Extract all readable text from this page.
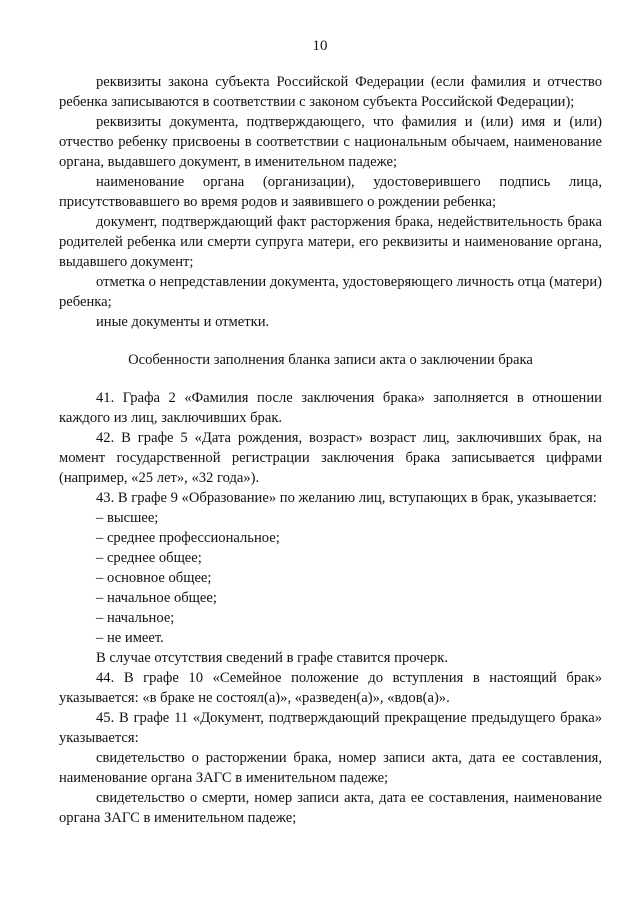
10

реквизиты закона субъекта Российской Федерации (если фамилия и отчество ребенка записываются в соответствии с законом субъекта Российской Федерации);

реквизиты документа, подтверждающего, что фамилия и (или) имя и (или) отчество ребенку присвоены в соответствии с национальным обычаем, наименование органа, выдавшего документ, в именительном падеже;

наименование органа (организации), удостоверившего подпись лица, присутствовавшего во время родов и заявившего о рождении ребенка;

документ, подтверждающий факт расторжения брака, недействительность брака родителей ребенка или смерти супруга матери, его реквизиты и наименование органа, выдавшего документ;

отметка о непредставлении документа, удостоверяющего личность отца (матери) ребенка;

иные документы и отметки.

Особенности заполнения бланка записи акта о заключении брака

41. Графа 2 «Фамилия после заключения брака» заполняется в отношении каждого из лиц, заключивших брак.

42. В графе 5 «Дата рождения, возраст» возраст лиц, заключивших брак, на момент государственной регистрации заключения брака записывается цифрами (например, «25 лет», «32 года»).

43. В графе 9 «Образование» по желанию лиц, вступающих в брак, указывается:

– высшее;

– среднее профессиональное;

– среднее общее;

– основное общее;

– начальное общее;

– начальное;

– не имеет.

В случае отсутствия сведений в графе ставится прочерк.

44. В графе 10 «Семейное положение до вступления в настоящий брак» указывается: «в браке не состоял(а)», «разведен(а)», «вдов(а)».

45. В графе 11 «Документ, подтверждающий прекращение предыдущего брака» указывается:

свидетельство о расторжении брака, номер записи акта, дата ее составления, наименование органа ЗАГС в именительном падеже;

свидетельство о смерти, номер записи акта, дата ее составления, наименование органа ЗАГС в именительном падеже;
